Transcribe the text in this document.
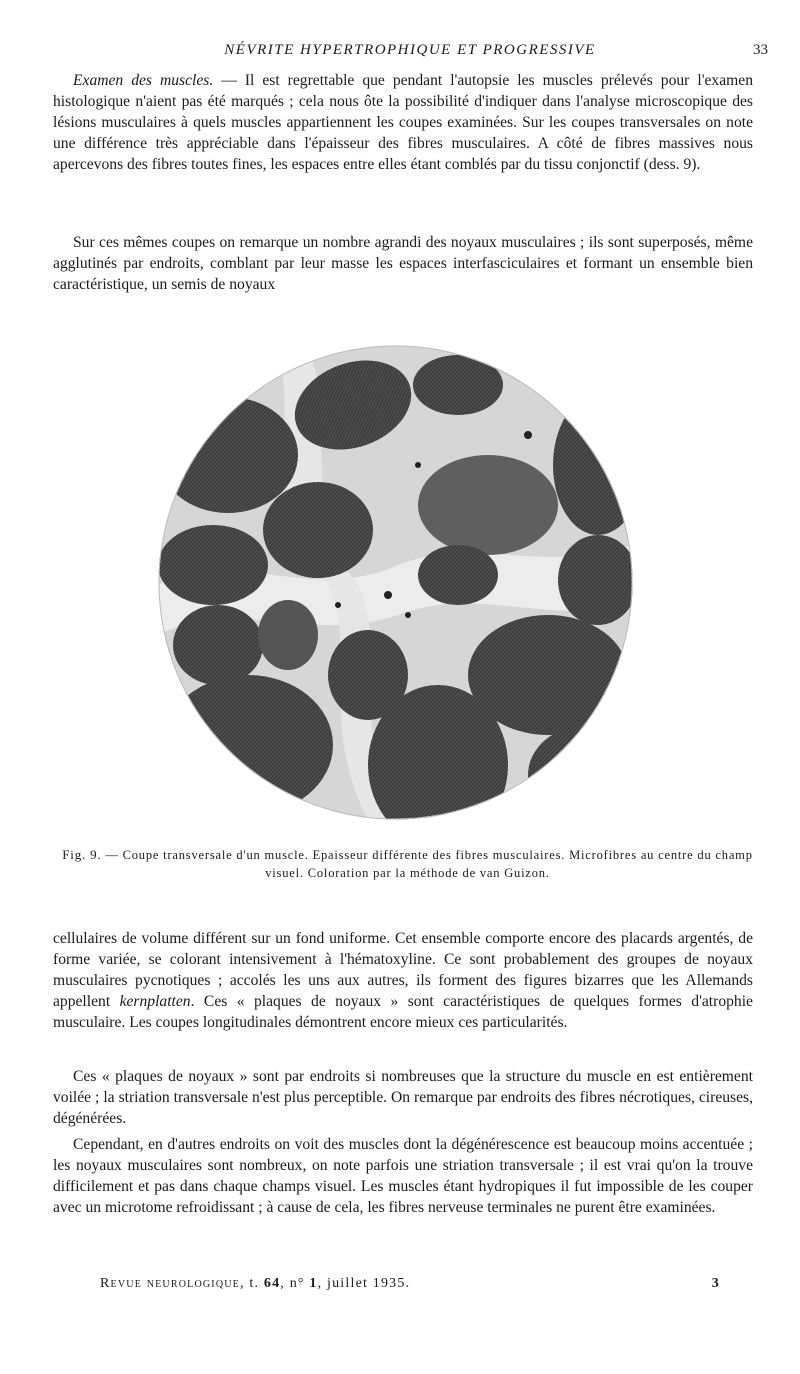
NÉVRITE HYPERTROPHIQUE ET PROGRESSIVE	33

Examen des muscles. — Il est regrettable que pendant l'autopsie les muscles prélevés pour l'examen histologique n'aient pas été marqués ; cela nous ôte la possibilité d'indiquer dans l'analyse microscopique des lésions musculaires à quels muscles appartiennent les coupes examinées. Sur les coupes transversales on note une différence très appréciable dans l'épaisseur des fibres musculaires. A côté de fibres massives nous apercevons des fibres toutes fines, les espaces entre elles étant comblés par du tissu conjonctif (dess. 9).

Sur ces mêmes coupes on remarque un nombre agrandi des noyaux musculaires ; ils sont superposés, même agglutinés par endroits, comblant par leur masse les espaces interfasciculaires et formant un ensemble bien caractéristique, un semis de noyaux

Fig. 9. — Coupe transversale d'un muscle. Epaisseur différente des fibres musculaires. Microfibres au centre du champ visuel. Coloration par la méthode de van Guizon.

cellulaires de volume différent sur un fond uniforme. Cet ensemble comporte encore des placards argentés, de forme variée, se colorant intensivement à l'hématoxyline. Ce sont probablement des groupes de noyaux musculaires pycnotiques ; accolés les uns aux autres, ils forment des figures bizarres que les Allemands appellent kernplatten. Ces « plaques de noyaux » sont caractéristiques de quelques formes d'atrophie musculaire. Les coupes longitudinales démontrent encore mieux ces particularités.

Ces « plaques de noyaux » sont par endroits si nombreuses que la structure du muscle en est entièrement voilée ; la striation transversale n'est plus perceptible. On remarque par endroits des fibres nécrotiques, cireuses, dégénérées.

Cependant, en d'autres endroits on voit des muscles dont la dégénérescence est beaucoup moins accentuée ; les noyaux musculaires sont nombreux, on note parfois une striation transversale ; il est vrai qu'on la trouve difficilement et pas dans chaque champs visuel. Les muscles étant hydropiques il fut impossible de les couper avec un microtome refroidissant ; à cause de cela, les fibres nerveuse terminales ne purent être examinées.

Revue neurologique, t. 64, n° 1, juillet 1935.	3
